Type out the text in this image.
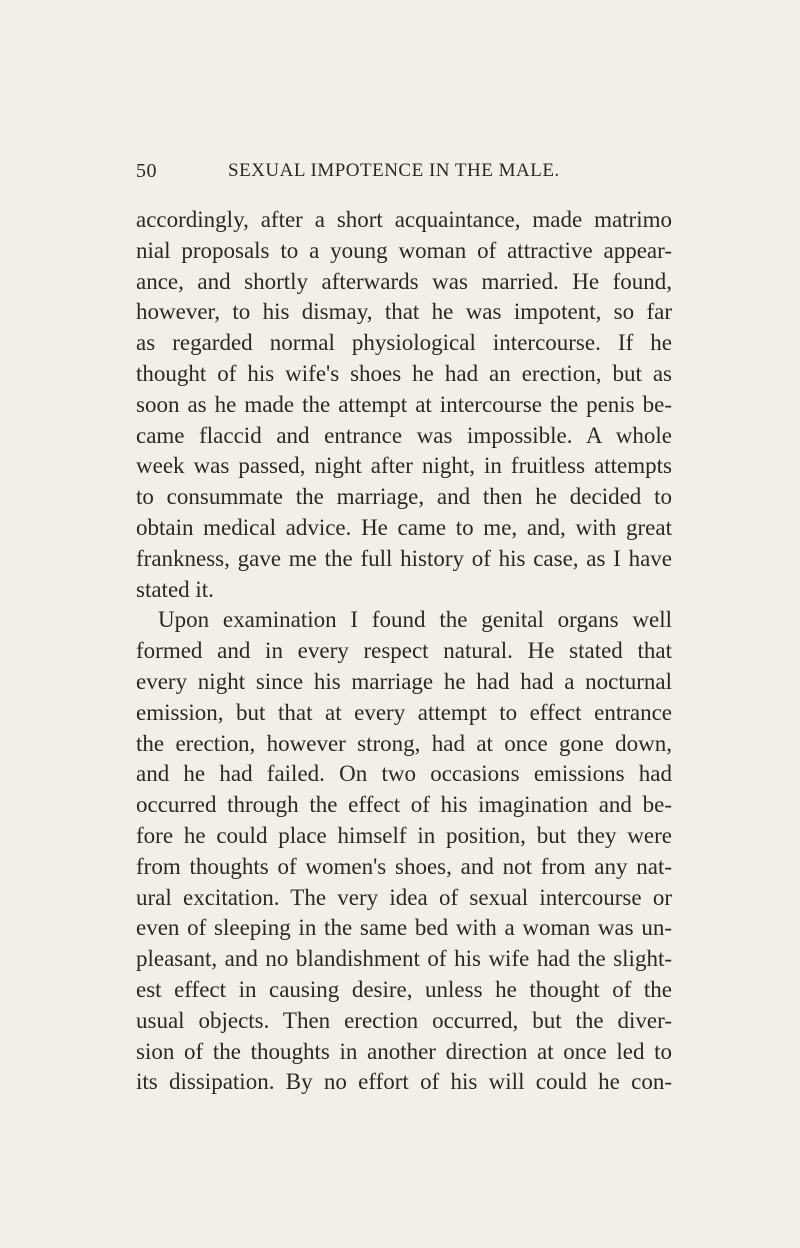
50	SEXUAL IMPOTENCE IN THE MALE.
accordingly, after a short acquaintance, made matrimo
nial proposals to a young woman of attractive appear-
ance, and shortly afterwards was married. He found,
however, to his dismay, that he was impotent, so far
as regarded normal physiological intercourse. If he
thought of his wife's shoes he had an erection, but as
soon as he made the attempt at intercourse the penis be-
came flaccid and entrance was impossible. A whole
week was passed, night after night, in fruitless attempts
to consummate the marriage, and then he decided to
obtain medical advice. He came to me, and, with great
frankness, gave me the full history of his case, as I have
stated it.
Upon examination I found the genital organs well
formed and in every respect natural. He stated that
every night since his marriage he had had a nocturnal
emission, but that at every attempt to effect entrance
the erection, however strong, had at once gone down,
and he had failed. On two occasions emissions had
occurred through the effect of his imagination and be-
fore he could place himself in position, but they were
from thoughts of women's shoes, and not from any nat-
ural excitation. The very idea of sexual intercourse or
even of sleeping in the same bed with a woman was un-
pleasant, and no blandishment of his wife had the slight-
est effect in causing desire, unless he thought of the
usual objects. Then erection occurred, but the diver-
sion of the thoughts in another direction at once led to
its dissipation. By no effort of his will could he con-
